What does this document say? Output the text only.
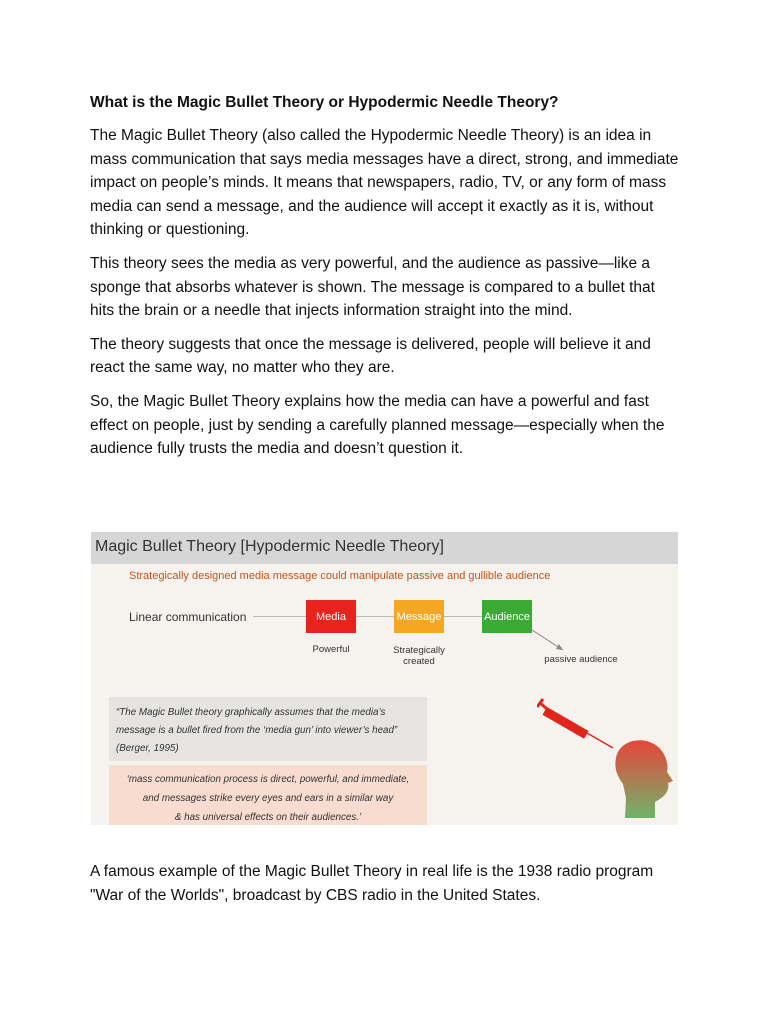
What is the Magic Bullet Theory or Hypodermic Needle Theory?
The Magic Bullet Theory (also called the Hypodermic Needle Theory) is an idea in mass communication that says media messages have a direct, strong, and immediate impact on people’s minds. It means that newspapers, radio, TV, or any form of mass media can send a message, and the audience will accept it exactly as it is, without thinking or questioning.
This theory sees the media as very powerful, and the audience as passive—like a sponge that absorbs whatever is shown. The message is compared to a bullet that hits the brain or a needle that injects information straight into the mind.
The theory suggests that once the message is delivered, people will believe it and react the same way, no matter who they are.
So, the Magic Bullet Theory explains how the media can have a powerful and fast effect on people, just by sending a carefully planned message—especially when the audience fully trusts the media and doesn’t question it.
Magic Bullet Theory [Hypodermic Needle Theory]
Strategically designed media message could manipulate passive and gullible audience
Linear communication	Media	Message	Audience
Powerful	Strategically
created	passive audience
“The Magic Bullet theory graphically assumes that the media’s
message is a bullet fired from the ‘media gun’ into viewer’s head”
(Berger, 1995)
‘mass communication process is direct, powerful, and immediate,
and messages strike every eyes and ears in a similar way
& has universal effects on their audiences.’
A famous example of the Magic Bullet Theory in real life is the 1938 radio program "War of the Worlds", broadcast by CBS radio in the United States.
